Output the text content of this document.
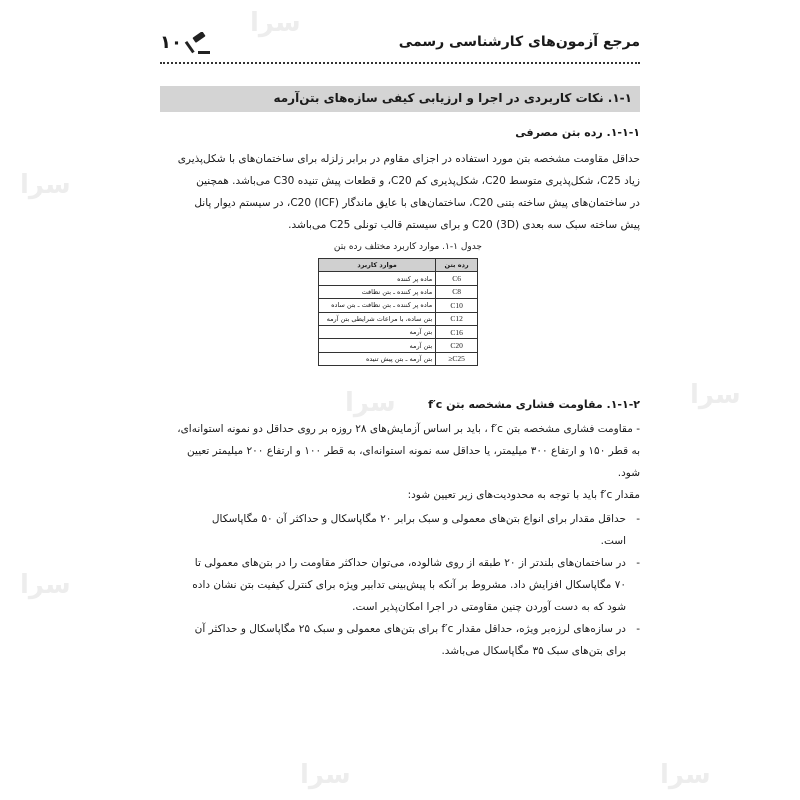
سرا
سرا
سرا
سرا
سرا
سرا
سرا
۱۰	مرجع آزمون‌های کارشناسی رسمی
۱-۱. نکات کاربردی در اجرا و ارزیابی کیفی سازه‌های بتن‌آرمه
۱-۱-۱. رده بتن مصرفی
حداقل مقاومت مشخصه بتن مورد استفاده در اجزای مقاوم در برابر زلزله برای ساختمان‌های با شکل‌پذیری
زیاد C25، شکل‌پذیری متوسط C20، شکل‌پذیری کم C20، و قطعات پیش تنیده C30 می‌باشد. همچنین
در ساختمان‌های پیش ساخته بتنی C20، ساختمان‌های با عایق ماندگار (ICF) C20، در سیستم دیوار پانل
پیش ساخته سبک سه بعدی (3D) C20 و برای سیستم قالب تونلی C25 می‌باشد.
جدول ۱-۱. موارد کاربرد مختلف رده بتن
رده بتن	موارد کاربرد
C6	ماده پر کننده
C8	ماده پر کننده ـ بتن نظافت
C10	ماده پر کننده ـ بتن نظافت ـ بتن ساده
C12	بتن ساده، با مراعات شرایطی بتن آرمه
C16	بتن آرمه
C20	بتن آرمه
C25≤	بتن آرمه ـ بتن پیش تنیده
۱-۱-۲. مقاومت فشاری مشخصه بتن f′c
- مقاومت فشاری مشخصه بتن f′c ، باید بر اساس آزمایش‌های ۲۸ روزه بر روی حداقل دو نمونه استوانه‌ای،
به قطر ۱۵۰ و ارتفاع ۳۰۰ میلیمتر، یا حداقل سه نمونه استوانه‌ای، به قطر ۱۰۰ و ارتفاع ۲۰۰ میلیمتر تعیین
شود.
مقدار f′c باید با توجه به محدودیت‌های زیر تعیین شود:
-
حداقل مقدار برای انواع بتن‌های معمولی و سبک برابر ۲۰ مگاپاسکال و حداکثر آن ۵۰ مگاپاسکال
است.
-
در ساختمان‌های بلندتر از ۲۰ طبقه از روی شالوده، می‌توان حداکثر مقاومت را در بتن‌های معمولی تا
۷۰ مگاپاسکال افزایش داد. مشروط بر آنکه با پیش‌بینی تدابیر ویژه برای کنترل کیفیت بتن نشان داده
شود که به دست آوردن چنین مقاومتی در اجرا امکان‌پذیر است.
-
در سازه‌های لرزه‌بر ویژه، حداقل مقدار f′c برای بتن‌های معمولی و سبک ۲۵ مگاپاسکال و حداکثر آن
برای بتن‌های سبک ۳۵ مگاپاسکال می‌باشد.
